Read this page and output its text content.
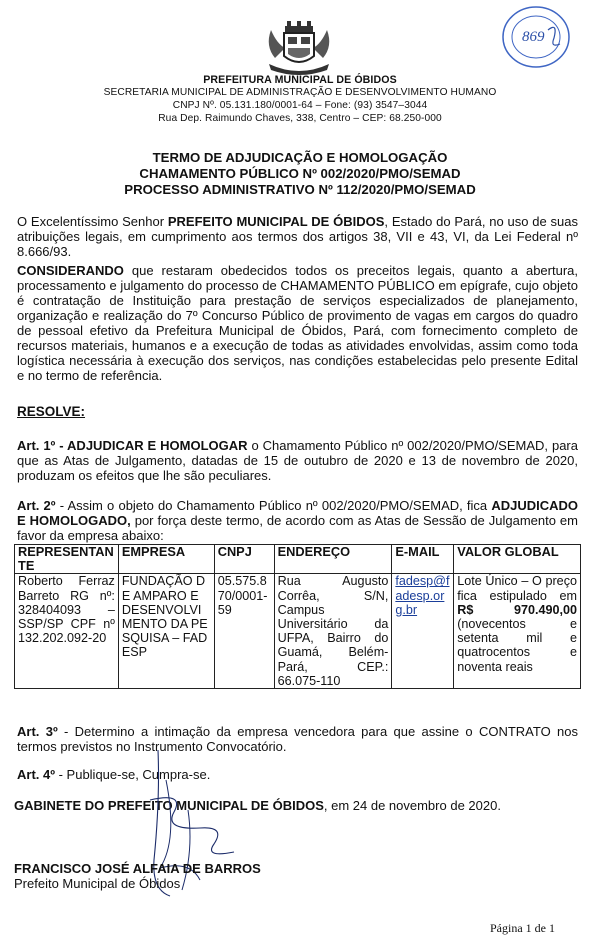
869
PREFEITURA MUNICIPAL DE ÓBIDOS
SECRETARIA MUNICIPAL DE ADMINISTRAÇÃO E DESENVOLVIMENTO HUMANO
CNPJ Nº. 05.131.180/0001-64 – Fone: (93) 3547–3044
Rua Dep. Raimundo Chaves, 338, Centro – CEP: 68.250-000
TERMO DE ADJUDICAÇÃO E HOMOLOGAÇÃO
CHAMAMENTO PÚBLICO Nº 002/2020/PMO/SEMAD
PROCESSO ADMINISTRATIVO Nº 112/2020/PMO/SEMAD
O Excelentíssimo Senhor PREFEITO MUNICIPAL DE ÓBIDOS, Estado do Pará, no uso de suas atribuições legais, em cumprimento aos termos dos artigos 38, VII e 43, VI, da Lei Federal nº 8.666/93.
CONSIDERANDO que restaram obedecidos todos os preceitos legais, quanto a abertura, processamento e julgamento do processo de CHAMAMENTO PÚBLICO em epígrafe, cujo objeto é contratação de Instituição para prestação de serviços especializados de planejamento, organização e realização do 7º Concurso Público de provimento de vagas em cargos do quadro de pessoal efetivo da Prefeitura Municipal de Óbidos, Pará, com fornecimento completo de recursos materiais, humanos e a execução de todas as atividades envolvidas, assim como toda logística necessária à execução dos serviços, nas condições estabelecidas pelo presente Edital e no termo de referência.
RESOLVE:
Art. 1º - ADJUDICAR E HOMOLOGAR o Chamamento Público nº 002/2020/PMO/SEMAD, para que as Atas de Julgamento, datadas de 15 de outubro de 2020 e 13 de novembro de 2020, produzam os efeitos que lhe são peculiares.
Art. 2º - Assim o objeto do Chamamento Público nº 002/2020/PMO/SEMAD, fica ADJUDICADO E HOMOLOGADO, por força deste termo, de acordo com as Atas de Sessão de Julgamento em favor da empresa abaixo:
REPRESENTANTE	EMPRESA	CNPJ	ENDEREÇO	E-MAIL	VALOR GLOBAL
Roberto Ferraz Barreto RG nº: 328404093 – SSP/SP CPF nº 132.202.092-20	FUNDAÇÃO DE AMPARO E DESENVOLVIMENTO DA PESQUISA – FADESP	05.575.870/0001-59	Rua Augusto Corrêa, S/N, Campus Universitário da UFPA, Bairro do Guamá, Belém-Pará, CEP.: 66.075-110	fadesp@fadesp.org.br	Lote Único – O preço fica estipulado em R$ 970.490,00 (novecentos e setenta mil e quatrocentos e noventa reais
Art. 3º - Determino a intimação da empresa vencedora para que assine o CONTRATO nos termos previstos no Instrumento Convocatório.
Art. 4º - Publique-se, Cumpra-se.
GABINETE DO PREFEITO MUNICIPAL DE ÓBIDOS, em 24 de novembro de 2020.
FRANCISCO JOSÉ ALFAIA DE BARROS
Prefeito Municipal de Óbidos
Página 1 de 1
